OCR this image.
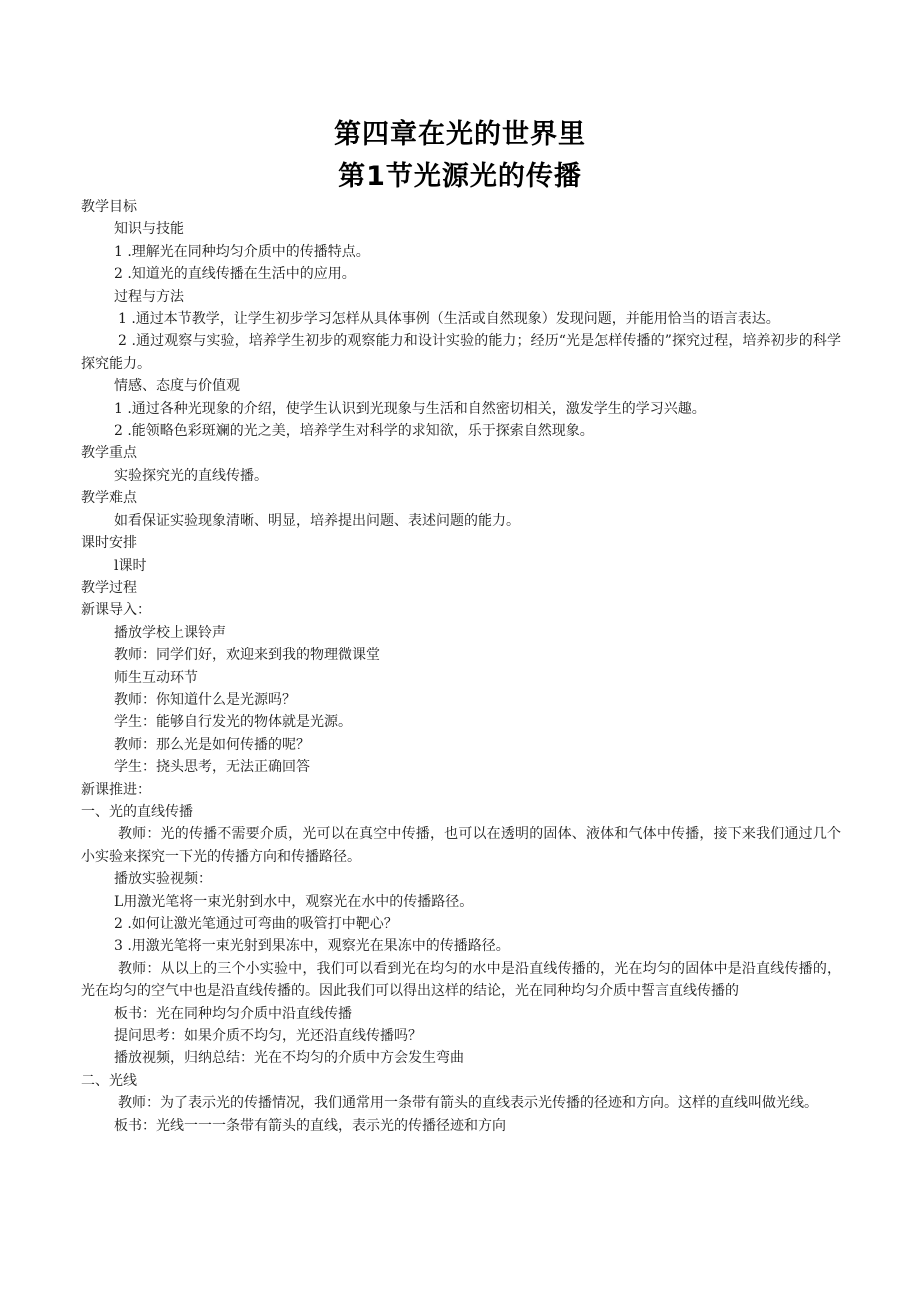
第四章在光的世界里
第1节光源光的传播

教学目标

知识与技能

1 .理解光在同种均匀介质中的传播特点。

2 .知道光的直线传播在生活中的应用。

过程与方法

1 .通过本节教学，让学生初步学习怎样从具体事例（生活或自然现象）发现问题，并能用恰当的语言表达。

2 .通过观察与实验，培养学生初步的观察能力和设计实验的能力；经历“光是怎样传播的”探究过程，培养初步的科学探究能力。

情感、态度与价值观

1 .通过各种光现象的介绍，使学生认识到光现象与生活和自然密切相关，激发学生的学习兴趣。

2 .能领略色彩斑斓的光之美，培养学生对科学的求知欲，乐于探索自然现象。

教学重点

实验探究光的直线传播。

教学难点

如看保证实验现象清晰、明显，培养提出问题、表述问题的能力。

课时安排

l课时

教学过程

新课导入：

播放学校上课铃声

教师：同学们好，欢迎来到我的物理微课堂

师生互动环节

教师：你知道什么是光源吗？

学生：能够自行发光的物体就是光源。

教师：那么光是如何传播的呢？

学生：挠头思考，无法正确回答

新课推进：

一、光的直线传播

教师：光的传播不需要介质，光可以在真空中传播，也可以在透明的固体、液体和气体中传播，接下来我们通过几个小实验来探究一下光的传播方向和传播路径。

播放实验视频：

L用激光笔将一束光射到水中，观察光在水中的传播路径。

2 .如何让激光笔通过可弯曲的吸管打中靶心？

3 .用激光笔将一束光射到果冻中，观察光在果冻中的传播路径。

教师：从以上的三个小实验中，我们可以看到光在均匀的水中是沿直线传播的，光在均匀的固体中是沿直线传播的，光在均匀的空气中也是沿直线传播的。因此我们可以得出这样的结论，光在同种均匀介质中誓言直线传播的

板书：光在同种均匀介质中沿直线传播

提问思考：如果介质不均匀，光还沿直线传播吗？

播放视频，归纳总结：光在不均匀的介质中方会发生弯曲

二、光线

教师：为了表示光的传播情况，我们通常用一条带有箭头的直线表示光传播的径迹和方向。这样的直线叫做光线。

板书：光线一一一条带有箭头的直线，表示光的传播径迹和方向
